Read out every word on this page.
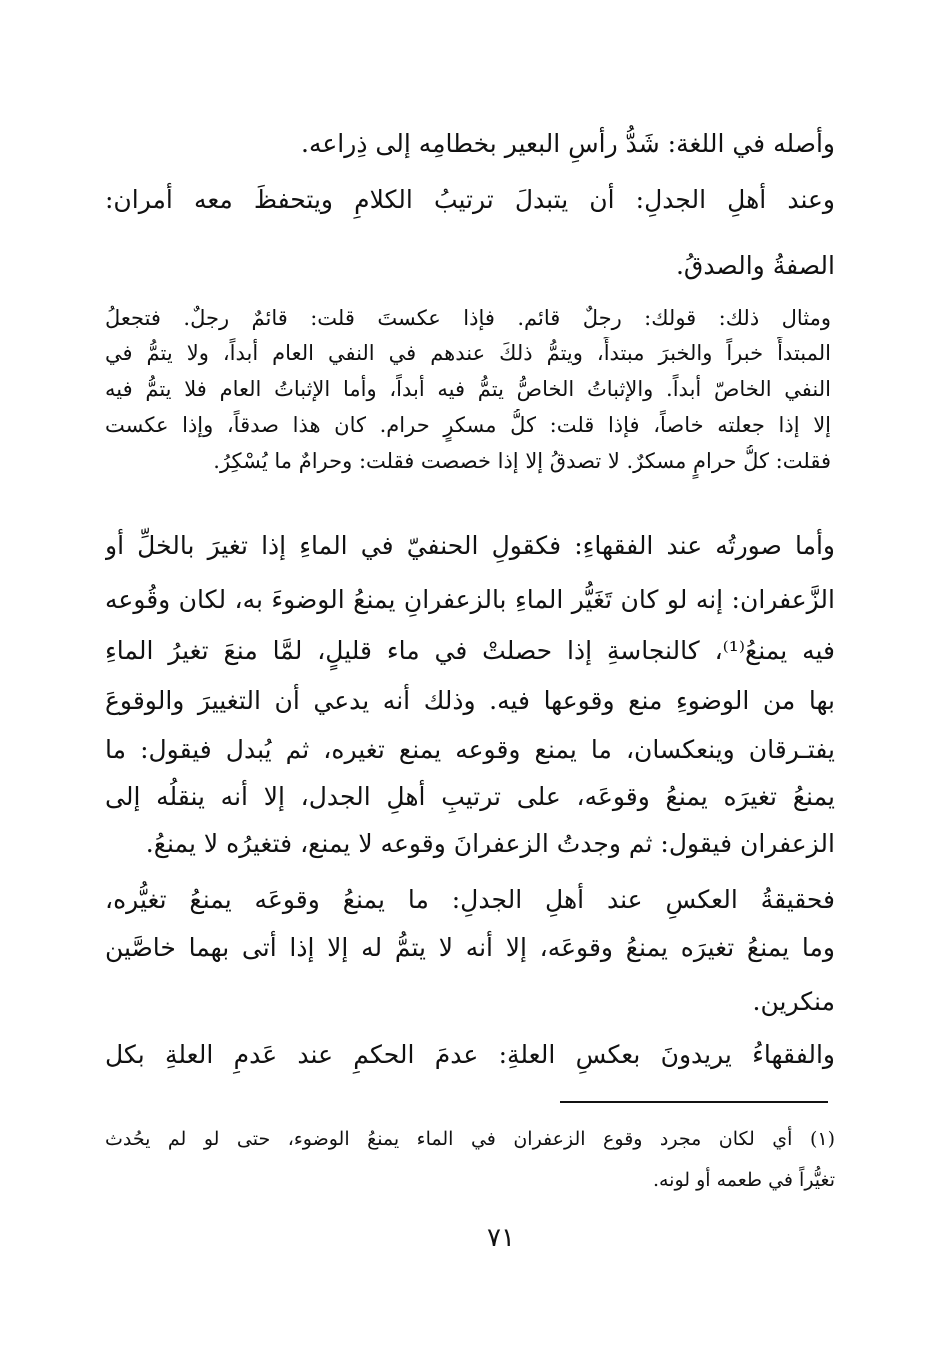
وأصله في اللغة: شَدُّ رأسِ البعير بخطامِه إلى ذِراعه.
وعند أهلِ الجدلِ: أن يتبدلَ ترتيبُ الكلامِ ويتحفظَ معه أمران:
الصفةُ والصدقُ.
ومثال ذلك: قولك: رجلٌ قائم. فإذا عكستَ قلت: قائمٌ رجلٌ. فتجعلُ
المبتدأَ خبراً والخبرَ مبتدأً، ويتمُّ ذلكَ عندهم في النفي العام أبداً، ولا يتمُّ في
النفي الخاصّ أبداً. والإثباتُ الخاصُّ يتمُّ فيه أبداً، وأما الإثباتُ العام فلا يتمُّ فيه
إلا إذا جعلته خاصاً، فإذا قلت: كلُّ مسكرٍ حرام. كان هذا صدقاً، وإذا عكست
فقلت: كلُّ حرامٍ مسكرٌ. لا تصدقُ إلا إذا خصصت فقلت: وحرامٌ ما يُسْكِرُ.
وأما صورتُه عند الفقهاءِ: فكقولِ الحنفيّ في الماءِ إذا تغيرَ بالخلِّ أو
الزَّعفران: إنه لو كان تَغَيُّر الماءِ بالزعفرانِ يمنعُ الوضوءَ به، لكان وقُوعه
فيه يمنعُ⁽¹⁾، كالنجاسةِ إذا حصلتْ في ماء قليلٍ، لمَّا منعَ تغيرُ الماءِ
بها من الوضوءِ منع وقوعها فيه. وذلك أنه يدعي أن التغييرَ والوقوعَ
يفتـرقان وينعكسان، ما يمنع وقوعه يمنع تغيره، ثم يُبدل فيقول: ما
يمنعُ تغيرَه يمنعُ وقوعَه، على ترتيبِ أهلِ الجدل، إلا أنه ينقلُه إلى
الزعفران فيقول: ثم وجدتُ الزعفرانَ وقوعه لا يمنع، فتغيرُه لا يمنعُ.
فحقيقةُ العكسِ عند أهلِ الجدلِ: ما يمنعُ وقوعَه يمنعُ تغيُّره،
وما يمنعُ تغيرَه يمنعُ وقوعَه، إلا أنه لا يتمُّ له إلا إذا أتى بهما خاصَّين
منكرين.
والفقهاءُ يريدونَ بعكسِ العلةِ: عدمَ الحكمِ عند عَدمِ العلةِ بكل
(١) أي لكان مجرد وقوع الزعفران في الماء يمنعُ الوضوء، حتى لو لم يحُدث
تغيُّراً في طعمه أو لونه.
٧١
